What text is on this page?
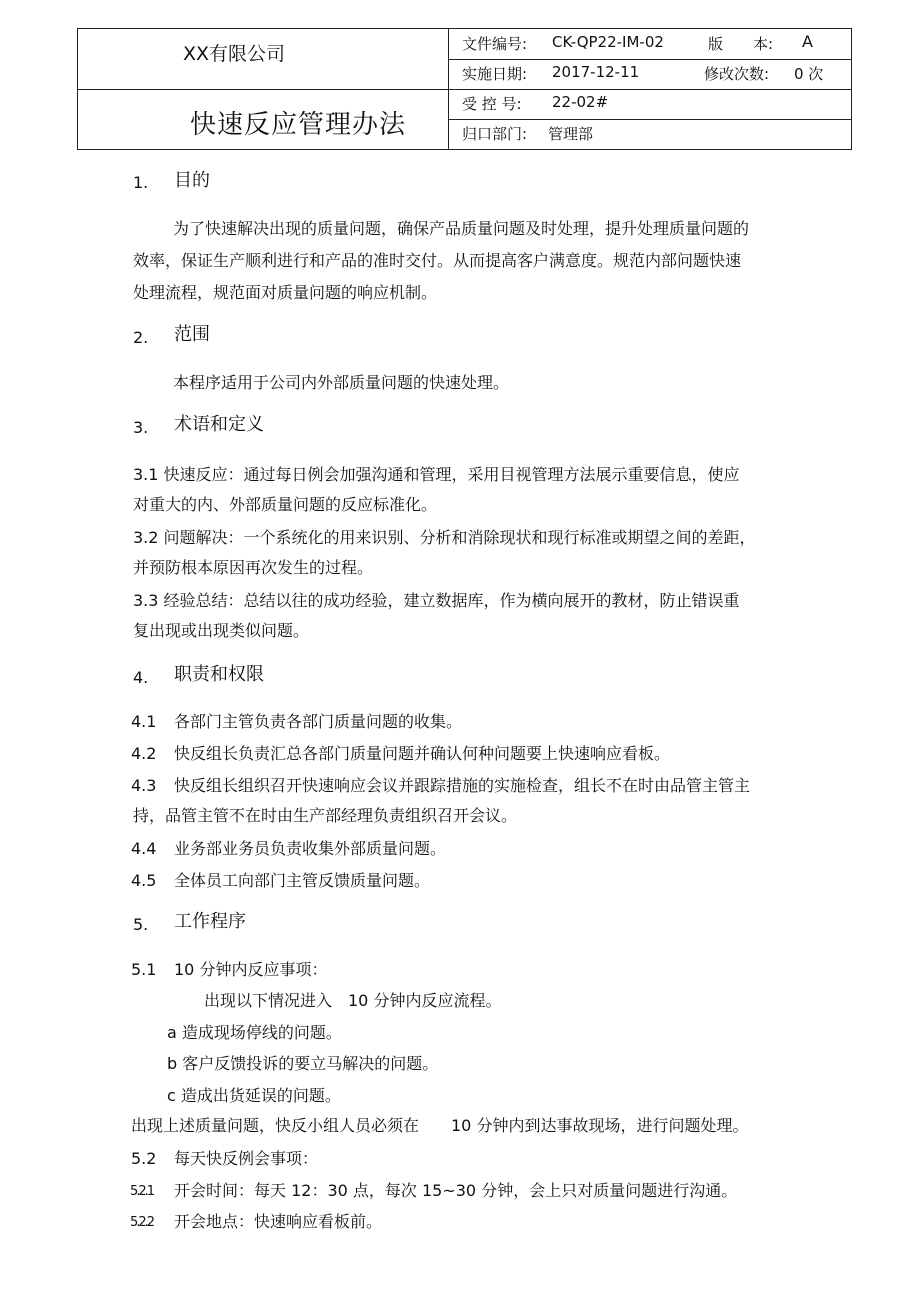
XX有限公司
快速反应管理办法
文件编号: CK-QP22-IM-02	版　　本: A
实施日期: 2017-12-11	修改次数: 0 次
受 控 号: 22-02#
归口部门: 管理部
1. 目的
为了快速解决出现的质量问题，确保产品质量问题及时处理，提升处理质量问题的
效率，保证生产顺利进行和产品的准时交付。从而提高客户满意度。规范内部问题快速
处理流程，规范面对质量问题的响应机制。
2. 范围
本程序适用于公司内外部质量问题的快速处理。
3. 术语和定义
3.1 快速反应：通过每日例会加强沟通和管理，采用目视管理方法展示重要信息，使应
对重大的内、外部质量问题的反应标准化。
3.2 问题解决：一个系统化的用来识别、分析和消除现状和现行标准或期望之间的差距，
并预防根本原因再次发生的过程。
3.3 经验总结：总结以往的成功经验，建立数据库，作为横向展开的教材，防止错误重
复出现或出现类似问题。
4. 职责和权限
4.1 各部门主管负责各部门质量问题的收集。
4.2 快反组长负责汇总各部门质量问题并确认何种问题要上快速响应看板。
4.3 快反组长组织召开快速响应会议并跟踪措施的实施检查，组长不在时由品管主管主
持，品管主管不在时由生产部经理负责组织召开会议。
4.4 业务部业务员负责收集外部质量问题。
4.5 全体员工向部门主管反馈质量问题。
5. 工作程序
5.1 10 分钟内反应事项：
出现以下情况进入　10 分钟内反应流程。
a 造成现场停线的问题。
b 客户反馈投诉的要立马解决的问题。
c 造成出货延误的问题。
出现上述质量问题，快反小组人员必须在　　10 分钟内到达事故现场，进行问题处理。
5.2 每天快反例会事项：
5.2.1 开会时间：每天 12：30 点，每次 15~30 分钟，会上只对质量问题进行沟通。
5.2.2 开会地点：快速响应看板前。
